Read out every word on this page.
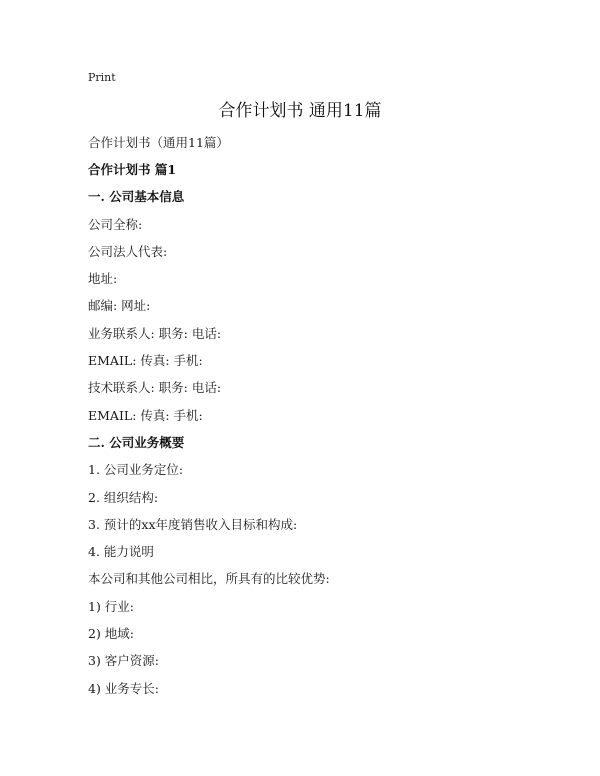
Print
合作计划书 通用11篇
合作计划书（通用11篇）
合作计划书 篇1
一. 公司基本信息
公司全称:
公司法人代表:
地址:
邮编: 网址:
业务联系人: 职务: 电话:
EMAIL: 传真: 手机:
技术联系人: 职务: 电话:
EMAIL: 传真: 手机:
二. 公司业务概要
1. 公司业务定位:
2. 组织结构:
3. 预计的xx年度销售收入目标和构成:
4. 能力说明
本公司和其他公司相比，所具有的比较优势:
1) 行业:
2) 地域:
3) 客户资源:
4) 业务专长:
